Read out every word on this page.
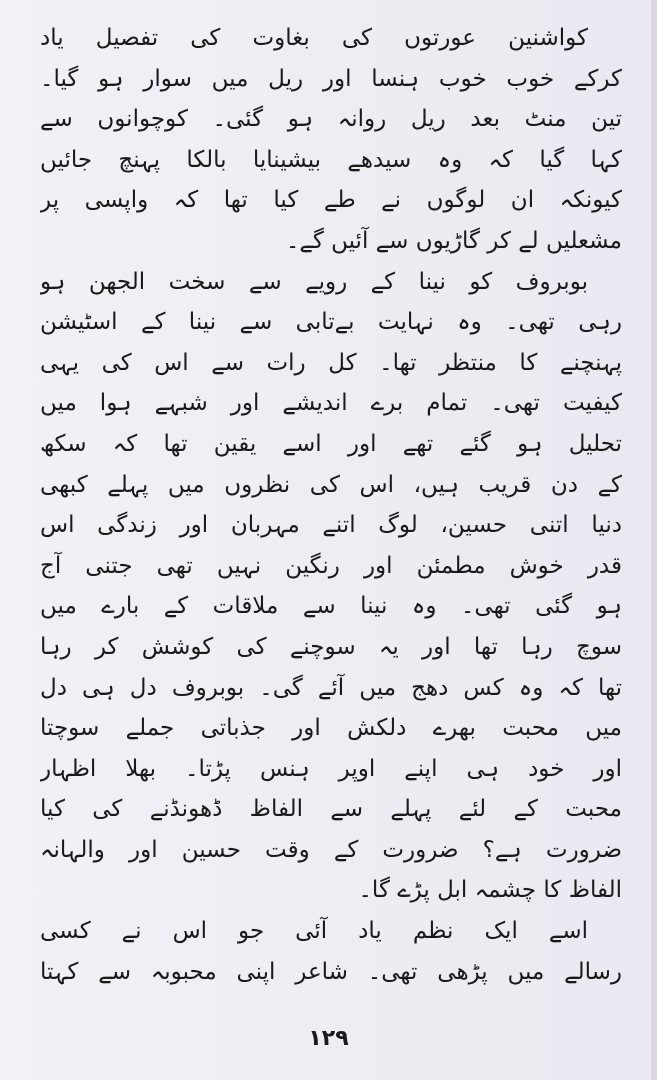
کواشنین عورتوں کی بغاوت کی تفصیل یاد
کرکے خوب خوب ہنسا اور ریل میں سوار ہو گیا۔
تین منٹ بعد ریل روانہ ہو گئی۔ کوچوانوں سے
کہا گیا کہ وہ سیدھے بیشینایا بالکا پہنچ جائیں
کیونکہ ان لوگوں نے طے کیا تھا کہ واپسی پر
مشعلیں لے کر گاڑیوں سے آئیں گے۔
بوبروف کو نینا کے رویے سے سخت الجھن ہو
رہی تھی۔ وہ نہایت بےتابی سے نینا کے اسٹیشن
پہنچنے کا منتظر تھا۔ کل رات سے اس کی یہی
کیفیت تھی۔ تمام برے اندیشے اور شبہے ہوا میں
تحلیل ہو گئے تھے اور اسے یقین تھا کہ سکھ
کے دن قریب ہیں، اس کی نظروں میں پہلے کبھی
دنیا اتنی حسین، لوگ اتنے مہربان اور زندگی اس
قدر خوش مطمئن اور رنگین نہیں تھی جتنی آج
ہو گئی تھی۔ وہ نینا سے ملاقات کے بارے میں
سوچ رہا تھا اور یہ سوچنے کی کوشش کر رہا
تھا کہ وہ کس دھج میں آئے گی۔ بوبروف دل ہی دل
میں محبت بھرے دلکش اور جذباتی جملے سوچتا
اور خود ہی اپنے اوپر ہنس پڑتا۔ بھلا اظہار
محبت کے لئے پہلے سے الفاظ ڈھونڈنے کی کیا
ضرورت ہے؟ ضرورت کے وقت حسین اور والہانہ
الفاظ کا چشمہ ابل پڑے گا۔
اسے ایک نظم یاد آئی جو اس نے کسی
رسالے میں پڑھی تھی۔ شاعر اپنی محبوبہ سے کہتا
۱۲۹
